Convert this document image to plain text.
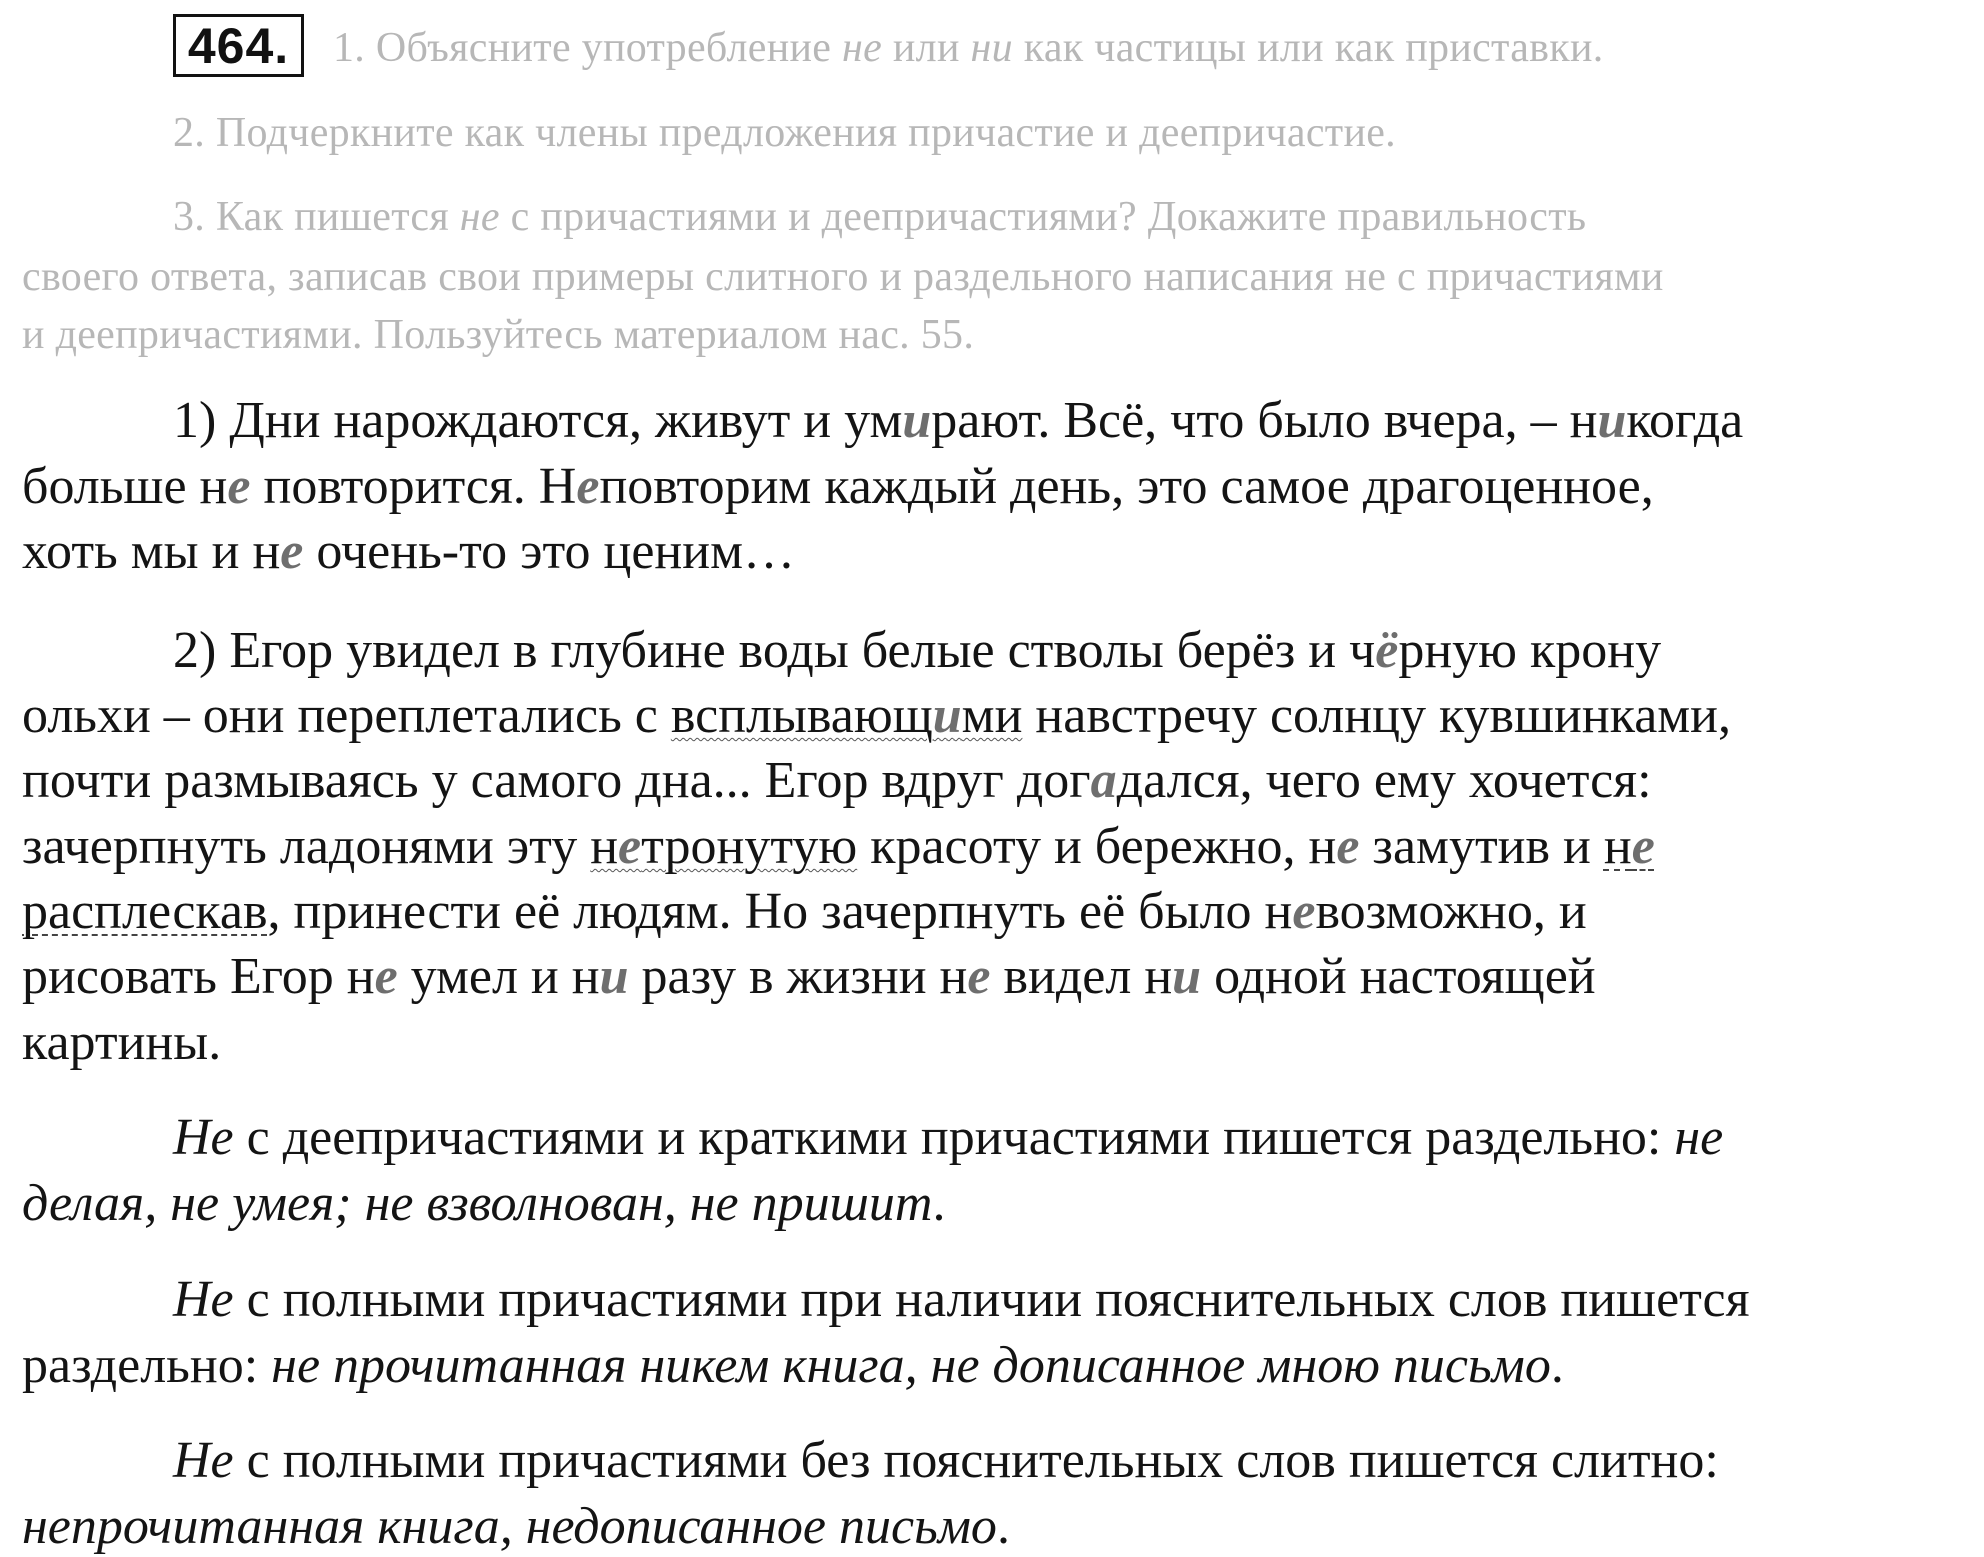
464.	1. Объясните употребление не или ни как частицы или как приставки.
2. Подчеркните как члены предложения причастие и деепричастие.
3. Как пишется не с причастиями и деепричастиями? Докажите правильность
своего ответа, записав свои примеры слитного и раздельного написания не с причастиями
и деепричастиями. Пользуйтесь материалом нас. 55.
1) Дни нарождаются, живут и умирают. Всё, что было вчера, – никогда
больше не повторится. Неповторим каждый день, это самое драгоценное,
хоть мы и не очень-то это ценим…
2) Егор увидел в глубине воды белые стволы берёз и чёрную крону
ольхи – они переплетались с всплывающими навстречу солнцу кувшинками,
почти размываясь у самого дна... Егор вдруг догадался, чего ему хочется:
зачерпнуть ладонями эту нетронутую красоту и бережно, не замутив и не
расплескав, принести её людям. Но зачерпнуть её было невозможно, и
рисовать Егор не умел и ни разу в жизни не видел ни одной настоящей
картины.
Не с деепричастиями и краткими причастиями пишется раздельно: не
делая, не умея; не взволнован, не пришит.
Не с полными причастиями при наличии пояснительных слов пишется
раздельно: не прочитанная никем книга, не дописанное мною письмо.
Не с полными причастиями без пояснительных слов пишется слитно:
непрочитанная книга, недописанное письмо.
